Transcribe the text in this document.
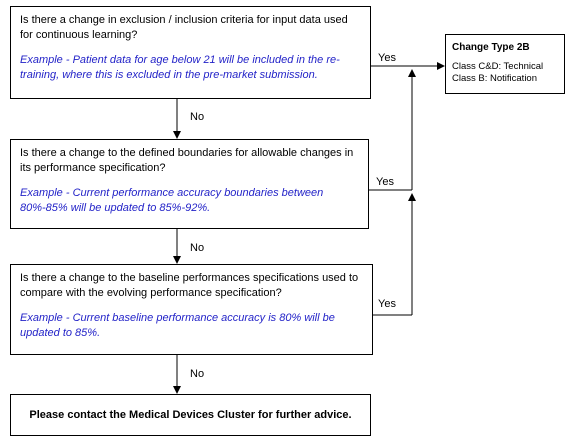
Is there a change in exclusion / inclusion criteria for input data used for continuous learning?
Example - Patient data for age below 21 will be included in the re-training, where this is excluded in the pre-market submission.
Is there a change to the defined boundaries for allowable changes in its performance specification?
Example - Current performance accuracy boundaries between 80%-85% will be updated to 85%-92%.
Is there a change to the baseline performances specifications used to compare with the evolving performance specification?
Example - Current baseline performance accuracy is 80% will be updated to 85%.
Change Type 2B
Class C&D: Technical
Class B: Notification
Please contact the Medical Devices Cluster for further advice.
Yes
Yes
Yes
No
No
No
